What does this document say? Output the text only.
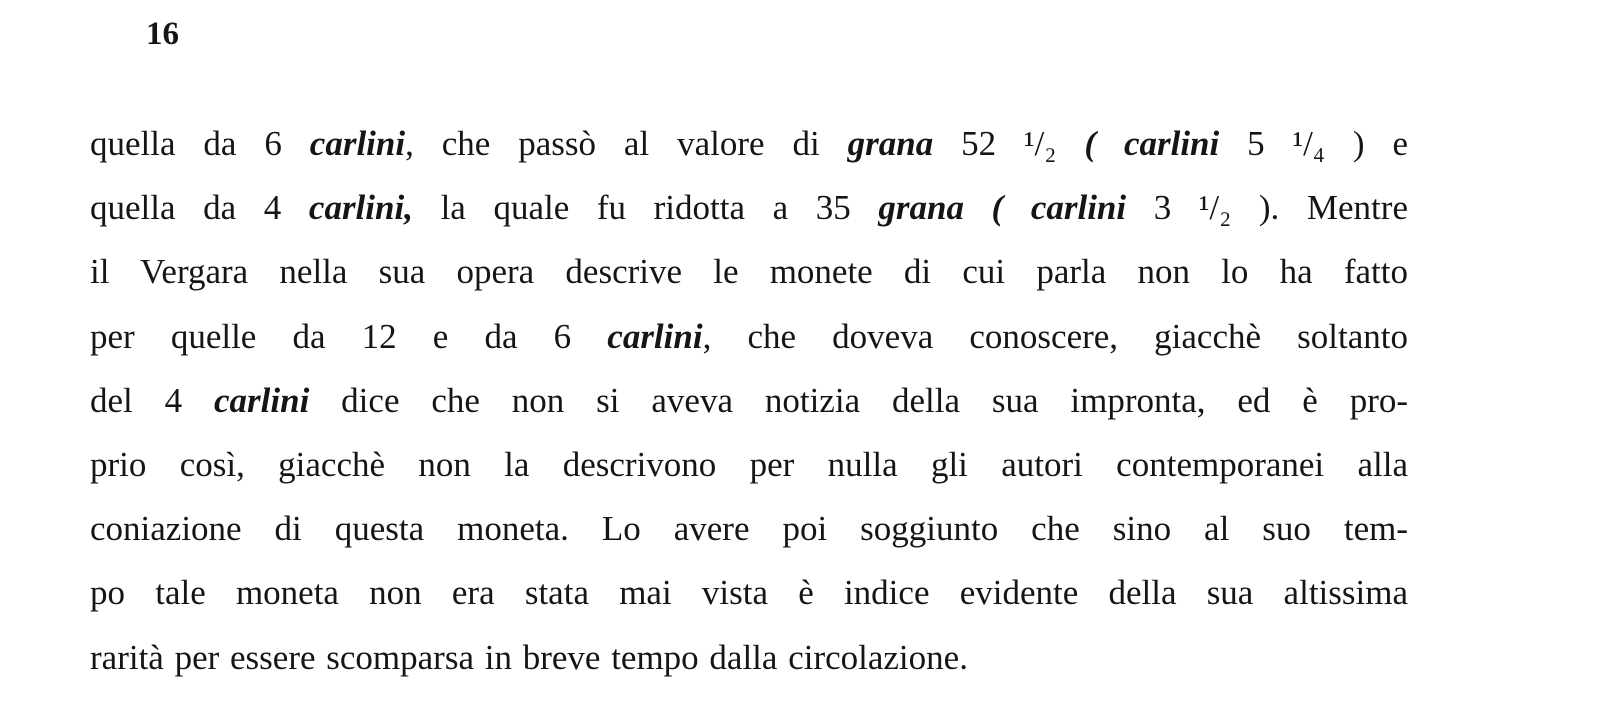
16
quella da 6 carlini, che passò al valore di grana 52 ¹/₂ ( carlini 5 ¹/₄ ) e
quella da 4 carlini, la quale fu ridotta a 35 grana ( carlini 3 ¹/₂ ). Mentre
il Vergara nella sua opera descrive le monete di cui parla non lo ha fatto
per quelle da 12 e da 6 carlini, che doveva conoscere, giacchè soltanto
del 4 carlini dice che non si aveva notizia della sua impronta, ed è pro-
prio così, giacchè non la descrivono per nulla gli autori contemporanei alla
coniazione di questa moneta. Lo avere poi soggiunto che sino al suo tem-
po tale moneta non era stata mai vista è indice evidente della sua altissima
rarità per essere scomparsa in breve tempo dalla circolazione.
